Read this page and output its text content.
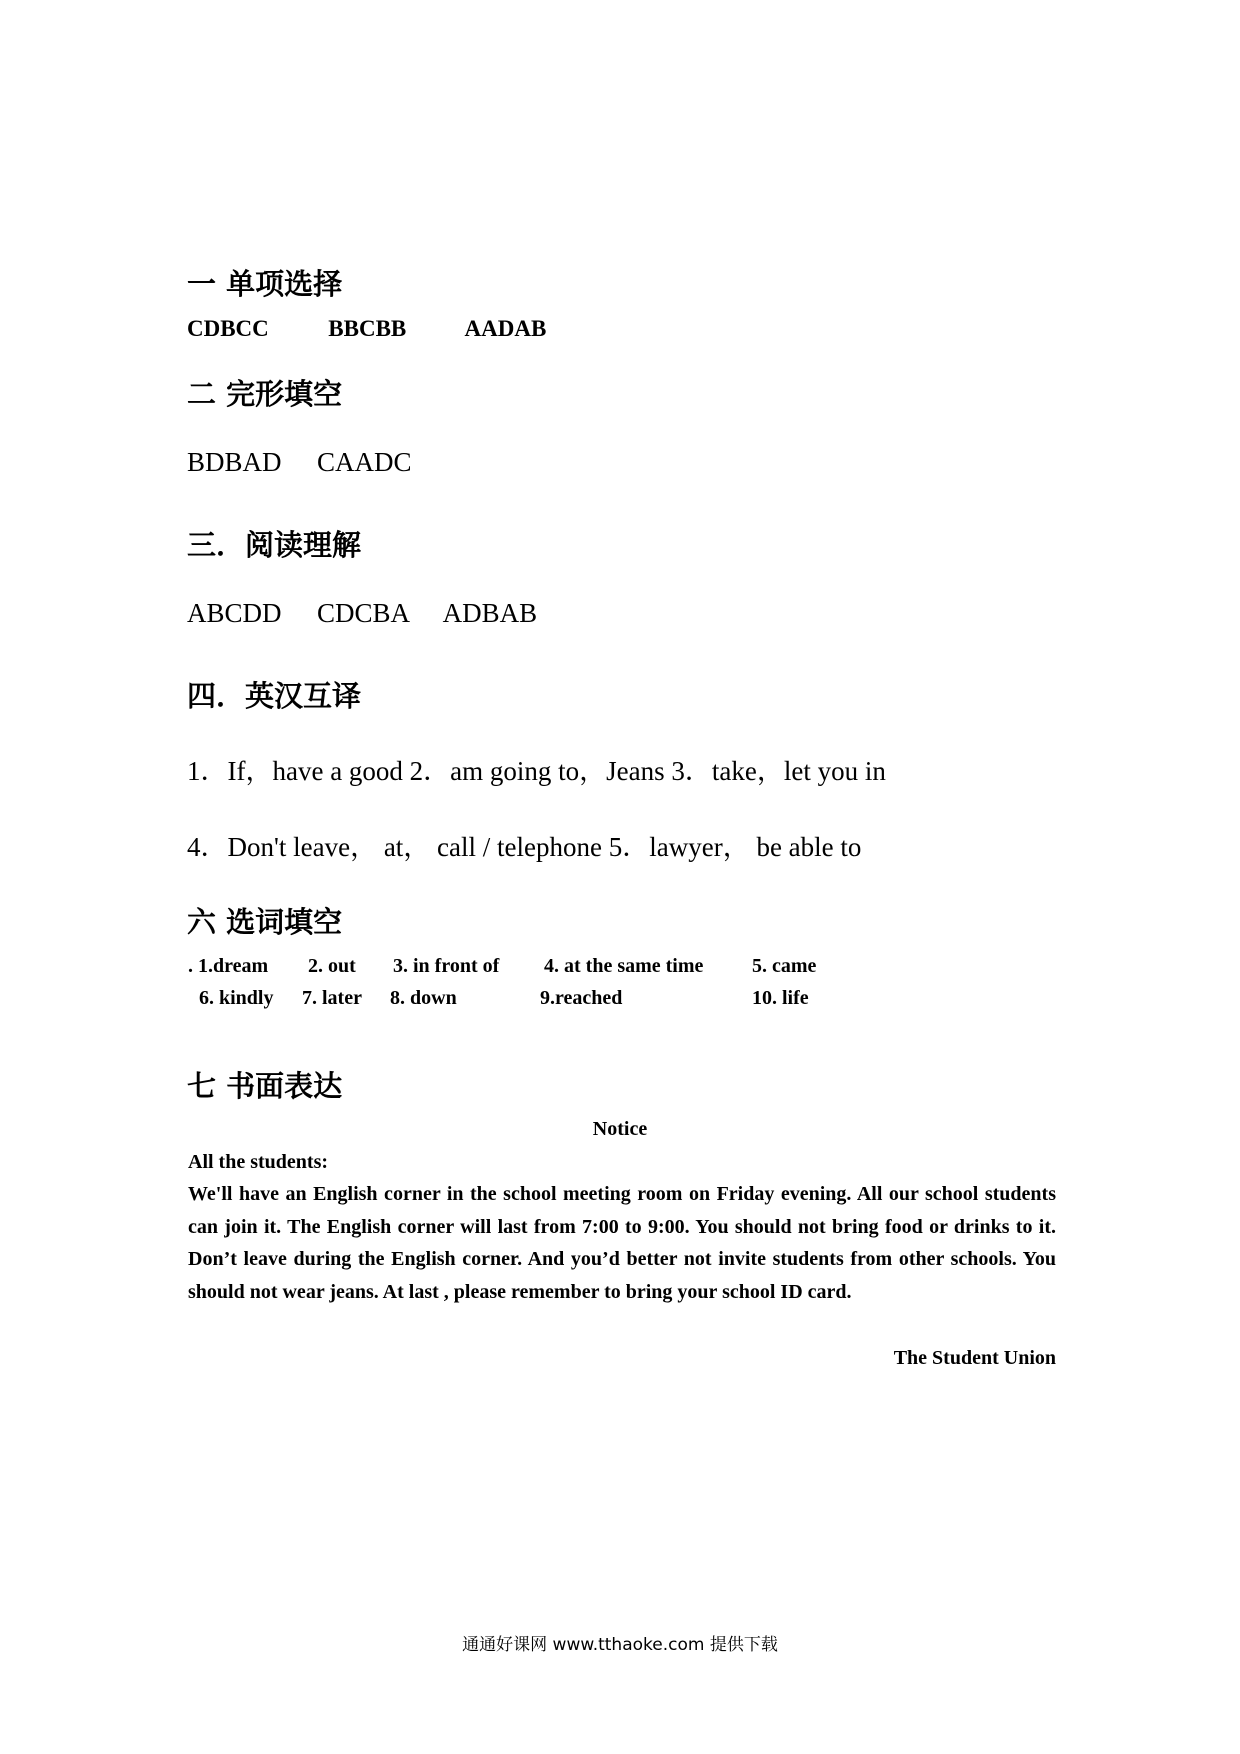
一 单项选择
CDBCC	BBCBB	AADAB
二 完形填空
BDBAD CAADC
三．阅读理解
ABCDD CDCBA ADBAB
四．英汉互译
1．If，have a good 2．am going to，Jeans 3．take，let you in
4．Don't leave， at， call / telephone 5．lawyer， be able to
六 选词填空
. 1.dream 2. out 3. in front of 4. at the same time 5. came
6. kindly 7. later 8. down	9.reached	10. life
七 书面表达
Notice
All the students:
We'll have an English corner in the school meeting room on Friday evening. All our school students can join it. The English corner will last from 7:00 to 9:00. You should not bring food or drinks to it. Don’t leave during the English corner. And you’d better not invite students from other schools. You should not wear jeans. At last , please remember to bring your school ID card.
The Student Union
通通好课网 www.tthaoke.com 提供下载
